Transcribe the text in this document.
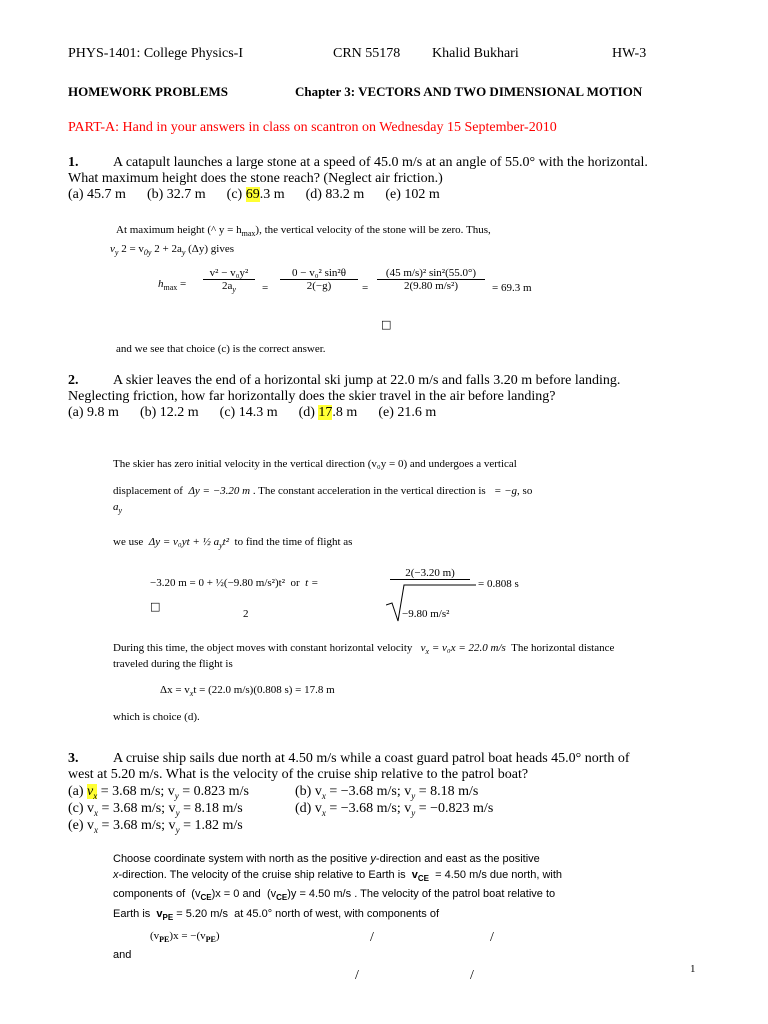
PHYS-1401: College Physics-I	CRN 55178 Khalid Bukhari	HW-3
HOMEWORK PROBLEMS	Chapter 3: VECTORS AND TWO DIMENSIONAL MOTION
PART-A: Hand in your answers in class on scantron on Wednesday 15 September-2010
1. A catapult launches a large stone at a speed of 45.0 m/s at an angle of 55.0° with the horizontal.
What maximum height does the stone reach? (Neglect air friction.)
(a) 45.7 m (b) 32.7 m (c) 69.3 m (d) 83.2 m (e) 102 m
At maximum height (^ $y = h_{max}$), the vertical velocity of the stone will be zero. Thus,
$v_y$ $2 = v_{0y}$ $2 + 2a_y$ (Δy) gives
$h_{max}$ =
v² − v₀y²
$2a_y$	=
0 − v₀² sin²θ
2(−g)	=
(45 m/s)² sin²(55.0°)
2(9.80 m/s²)	= 69.3 m
□
and we see that choice (c) is the correct answer.
2. A skier leaves the end of a horizontal ski jump at 22.0 m/s and falls 3.20 m before landing.
Neglecting friction, how far horizontally does the skier travel in the air before landing?
(a) 9.8 m (b) 12.2 m (c) 14.3 m (d) 17.8 m (e) 21.6 m
The skier has zero initial velocity in the vertical direction (v₀y = 0) and undergoes a vertical
displacement of Δy = −3.20 m . The constant acceleration in the vertical direction is = −g, so
$a_y$
we use Δy = v₀yt + ½ $a_yt^2$ to find the time of flight as
−3.20 m = 0 + ½(−9.80 m/s²)t² or t =
2(−3.20 m)
−9.80 m/s²
= 0.808 s
□
2
During this time, the object moves with constant horizontal velocity $v_x = v_0x = 22.0$ m/s The horizontal distance
traveled during the flight is
$\Delta x = v_xt = (22.0$ m/s)(0.808 s) = 17.8 m
which is choice (d).
3. A cruise ship sails due north at 4.50 m/s while a coast guard patrol boat heads 45.0° north of
west at 5.20 m/s. What is the velocity of the cruise ship relative to the patrol boat?
(a) $v_x = 3.68$ m/s; $v_y = 0.823$ m/s	(b) $v_x = -3.68$ m/s; $v_y = 8.18$ m/s
(c) $v_x = 3.68$ m/s; $v_y = 8.18$ m/s	(d) $v_x = -3.68$ m/s; $v_y = -0.823$ m/s
(e) $v_x = 3.68$ m/s; $v_y = 1.82$ m/s
Choose coordinate system with north as the positive y-direction and east as the positive
x-direction. The velocity of the cruise ship relative to Earth is $v_{CE} = 4.50$ m/s due north, with
components of $(v_{CE})x = 0$ and $(v_{CE})y = 4.50$ m/s . The velocity of the patrol boat relative to
Earth is $v_{PE} = 5.20$ m/s at 45.0° north of west, with components of
$(v_{PE})x = -(v_{PE})$	/	/
and
/	/	1
